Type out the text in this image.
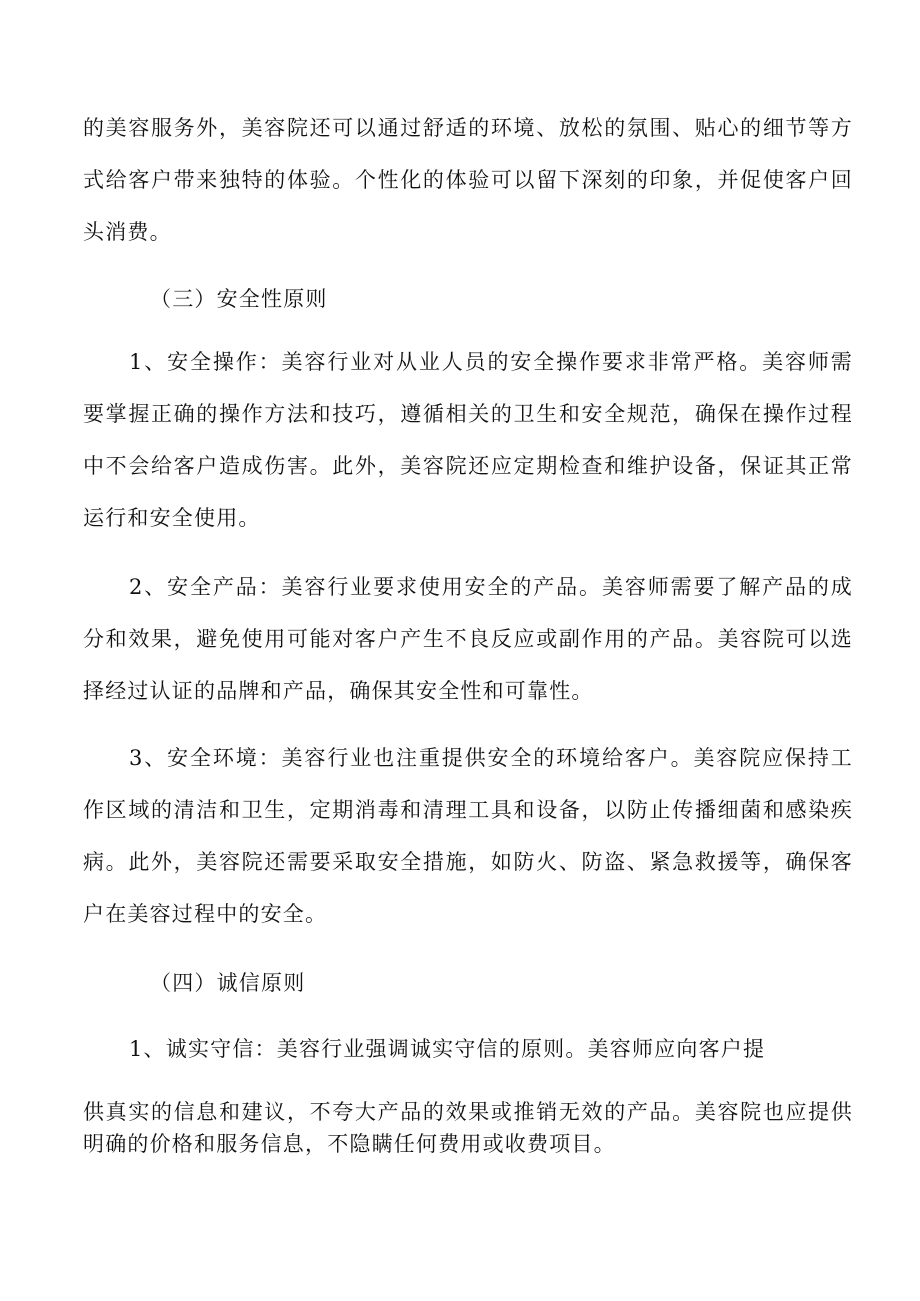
的美容服务外，美容院还可以通过舒适的环境、放松的氛围、贴心的细节等方式给客户带来独特的体验。个性化的体验可以留下深刻的印象，并促使客户回头消费。

（三）安全性原则

1、安全操作：美容行业对从业人员的安全操作要求非常严格。美容师需要掌握正确的操作方法和技巧，遵循相关的卫生和安全规范，确保在操作过程中不会给客户造成伤害。此外，美容院还应定期检查和维护设备，保证其正常运行和安全使用。

2、安全产品：美容行业要求使用安全的产品。美容师需要了解产品的成分和效果，避免使用可能对客户产生不良反应或副作用的产品。美容院可以选择经过认证的品牌和产品，确保其安全性和可靠性。

3、安全环境：美容行业也注重提供安全的环境给客户。美容院应保持工作区域的清洁和卫生，定期消毒和清理工具和设备，以防止传播细菌和感染疾病。此外，美容院还需要采取安全措施，如防火、防盗、紧急救援等，确保客户在美容过程中的安全。

（四）诚信原则

1、诚实守信：美容行业强调诚实守信的原则。美容师应向客户提

供真实的信息和建议，不夸大产品的效果或推销无效的产品。美容院也应提供明确的价格和服务信息，不隐瞒任何费用或收费项目。
